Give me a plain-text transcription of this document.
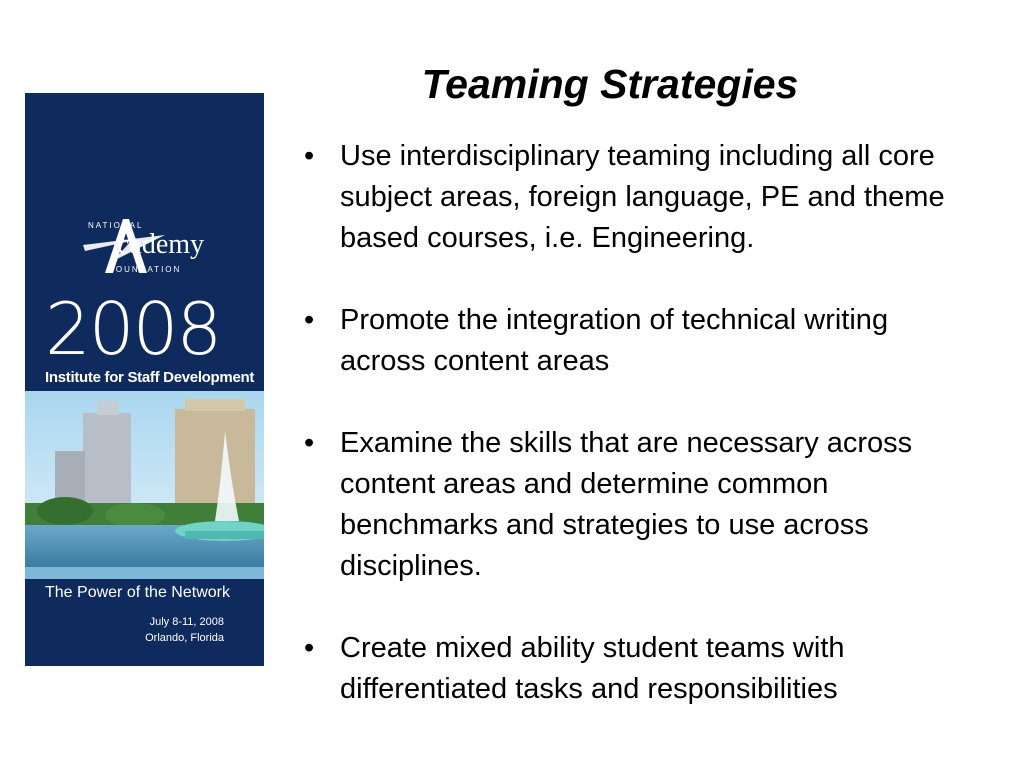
Teaming Strategies
NATIONAL
cademy
FOUNDATION
2008
Institute for Staff Development
The Power of the Network
July 8-11, 2008
Orlando, Florida
• Use interdisciplinary teaming including all core subject areas, foreign language, PE and theme based courses, i.e. Engineering.
• Promote the integration of technical writing across content areas
• Examine the skills that are necessary across content areas and determine common benchmarks and strategies to use across disciplines.
• Create mixed ability student teams with differentiated tasks and responsibilities
